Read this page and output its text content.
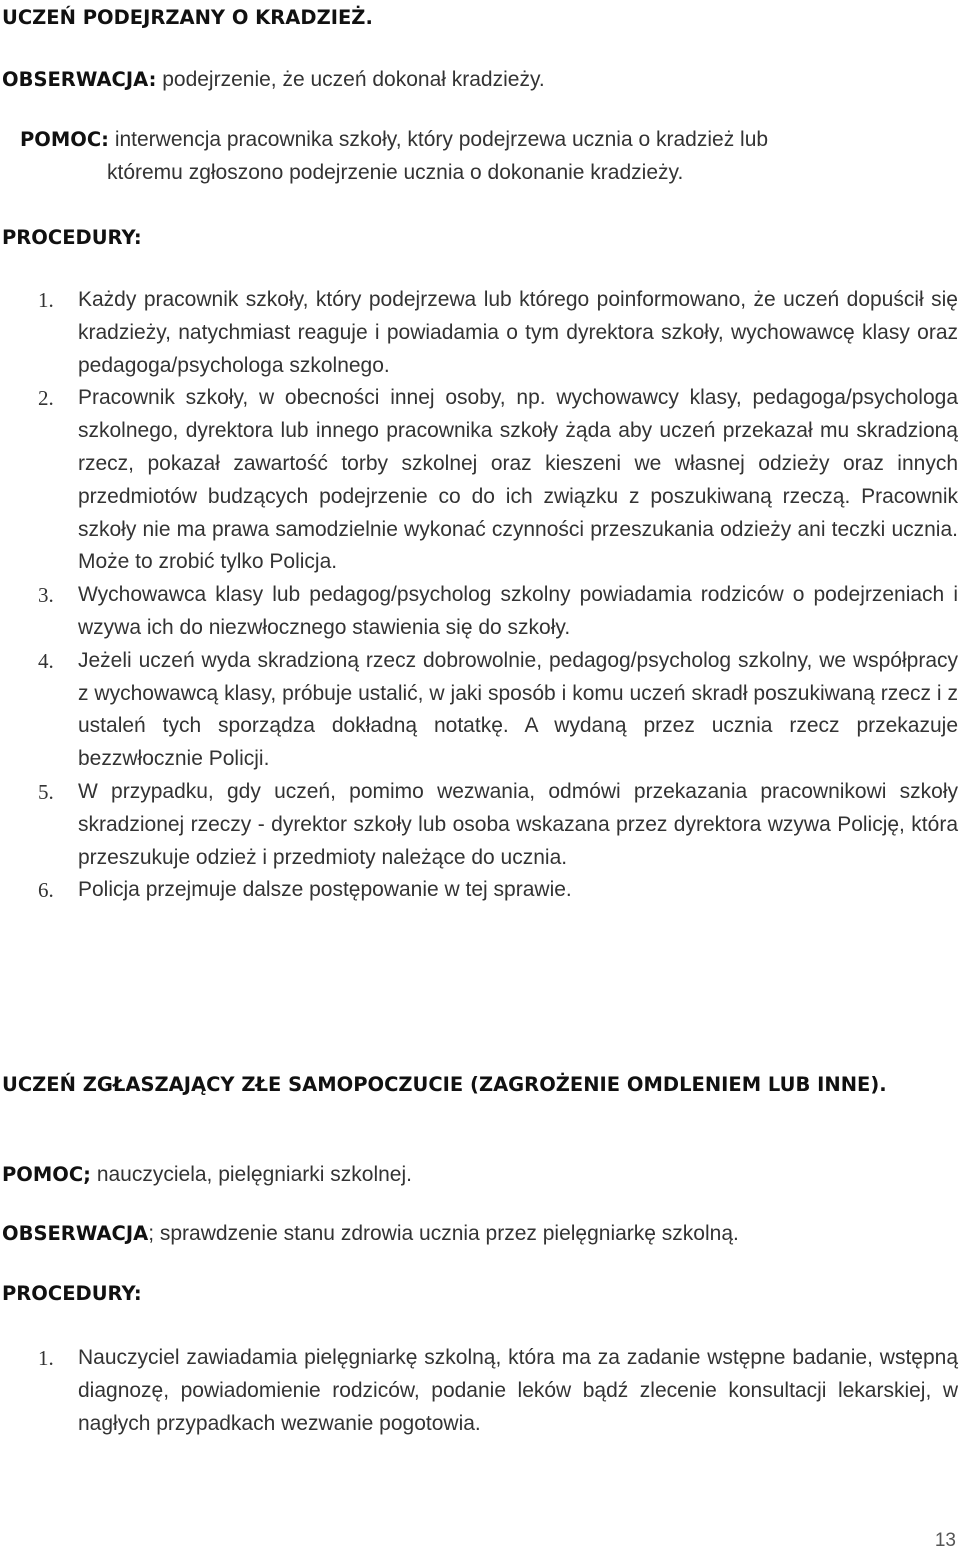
UCZEŃ PODEJRZANY O KRADZIEŻ.

OBSERWACJA: podejrzenie, że uczeń dokonał kradzieży.

POMOC: interwencja pracownika szkoły, który podejrzewa ucznia o kradzież lub

któremu zgłoszono podejrzenie ucznia o dokonanie kradzieży.

PROCEDURY:

1. Każdy pracownik szkoły, który podejrzewa lub którego poinformowano, że uczeń dopuścił się kradzieży, natychmiast reaguje i powiadamia o tym dyrektora szkoły, wychowawcę klasy oraz pedagoga/psychologa szkolnego.
2. Pracownik szkoły, w obecności innej osoby, np. wychowawcy klasy, pedagoga/psychologa szkolnego, dyrektora lub innego pracownika szkoły żąda aby uczeń przekazał mu skradzioną rzecz, pokazał zawartość torby szkolnej oraz kieszeni we własnej odzieży oraz innych przedmiotów budzących podejrzenie co do ich związku z poszukiwaną rzeczą. Pracownik szkoły nie ma prawa samodzielnie wykonać czynności przeszukania odzieży ani teczki ucznia. Może to zrobić tylko Policja.
3. Wychowawca klasy lub pedagog/psycholog szkolny powiadamia rodziców o podejrzeniach i wzywa ich do niezwłocznego stawienia się do szkoły.
4. Jeżeli uczeń wyda skradzioną rzecz dobrowolnie, pedagog/psycholog szkolny, we współpracy z wychowawcą klasy, próbuje ustalić, w jaki sposób i komu uczeń skradł poszukiwaną rzecz i z ustaleń tych sporządza dokładną notatkę. A wydaną przez ucznia rzecz przekazuje bezzwłocznie Policji.
5. W przypadku, gdy uczeń, pomimo wezwania, odmówi przekazania pracownikowi szkoły skradzionej rzeczy - dyrektor szkoły lub osoba wskazana przez dyrektora wzywa Policję, która przeszukuje odzież i przedmioty należące do ucznia.
6. Policja przejmuje dalsze postępowanie w tej sprawie.
UCZEŃ ZGŁASZAJĄCY ZŁE SAMOPOCZUCIE (ZAGROŻENIE OMDLENIEM LUB INNE).

POMOC; nauczyciela, pielęgniarki szkolnej.

OBSERWACJA; sprawdzenie stanu zdrowia ucznia przez pielęgniarkę szkolną.

PROCEDURY:

1. Nauczyciel zawiadamia pielęgniarkę szkolną, która ma za zadanie wstępne badanie, wstępną diagnozę, powiadomienie rodziców, podanie leków bądź zlecenie konsultacji lekarskiej, w nagłych przypadkach wezwanie pogotowia.
13
